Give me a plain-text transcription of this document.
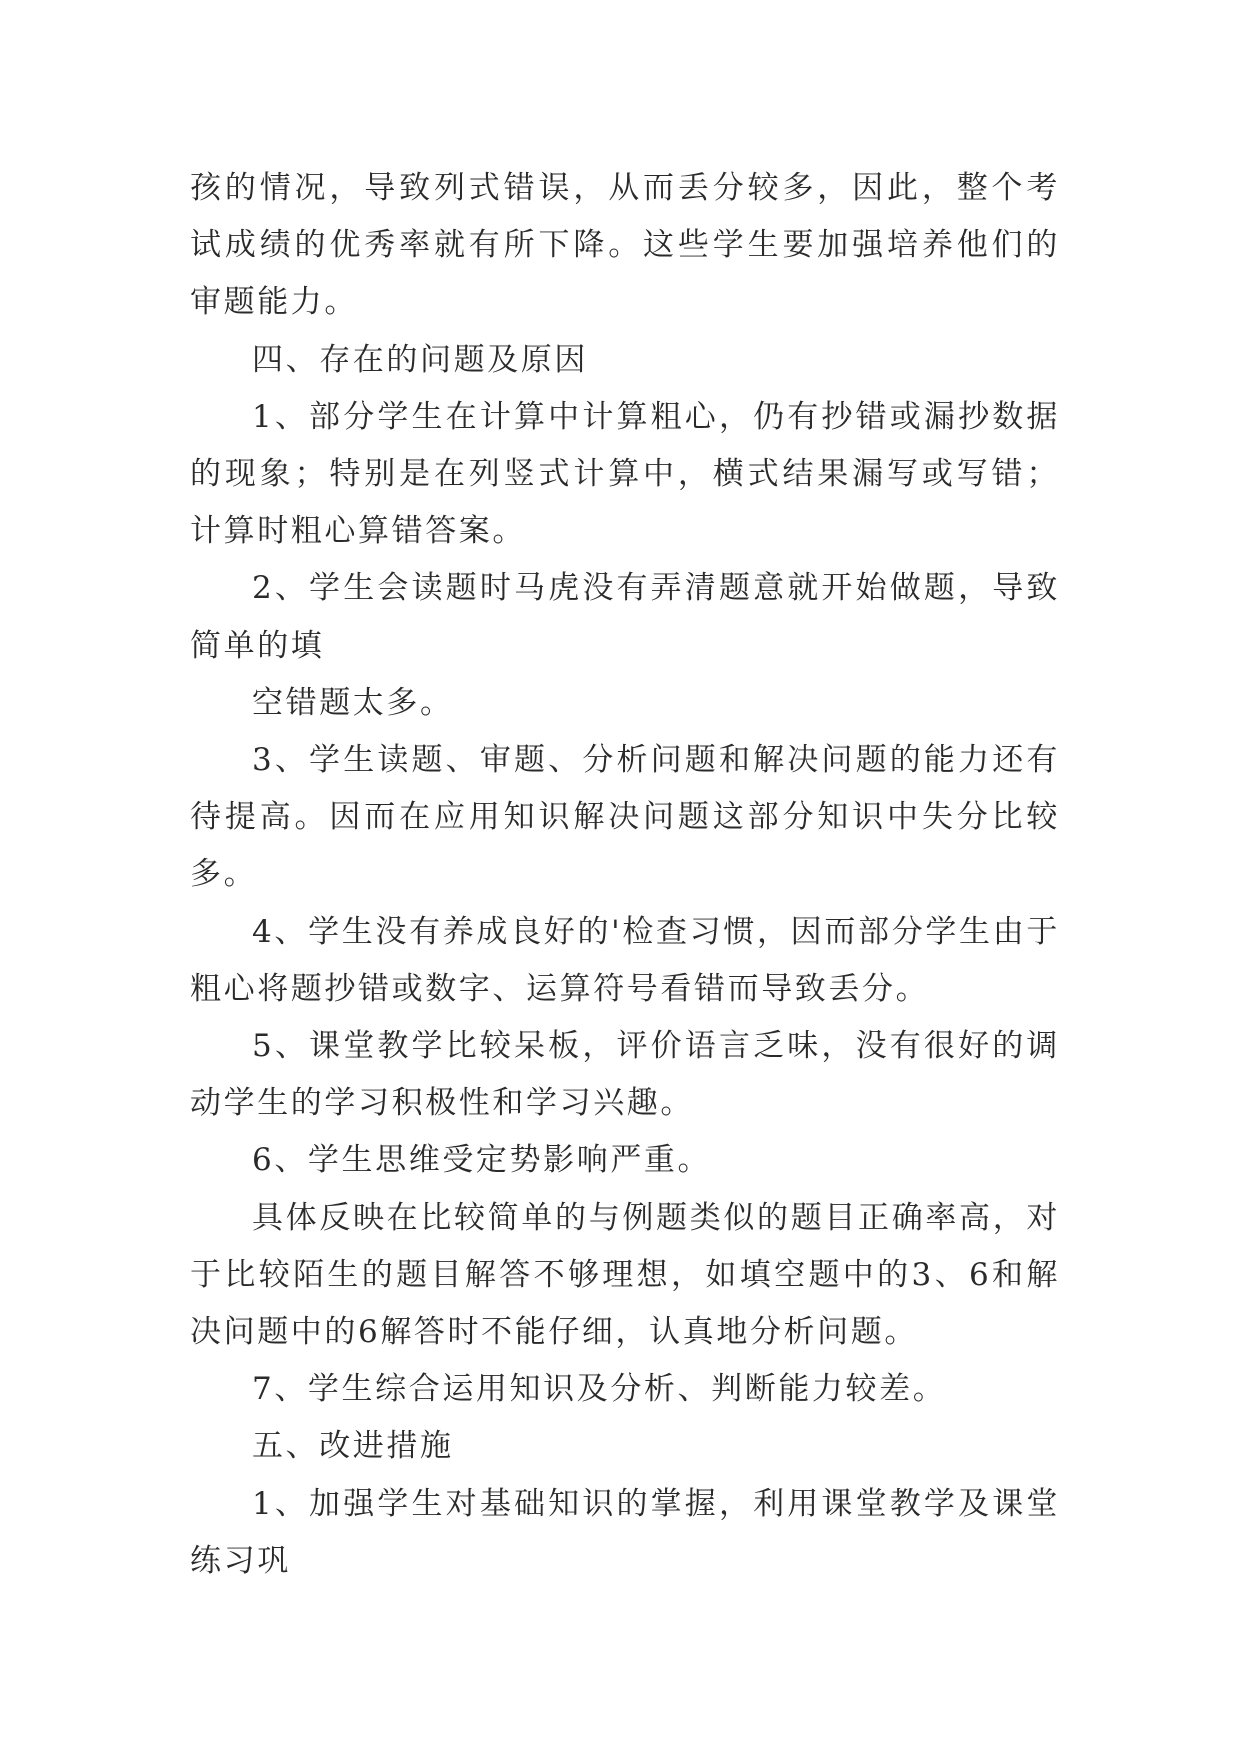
孩的情况，导致列式错误，从而丢分较多，因此，整个考试成绩的优秀率就有所下降。这些学生要加强培养他们的审题能力。

四、存在的问题及原因

1、部分学生在计算中计算粗心，仍有抄错或漏抄数据的现象；特别是在列竖式计算中，横式结果漏写或写错；计算时粗心算错答案。

2、学生会读题时马虎没有弄清题意就开始做题，导致简单的填

空错题太多。

3、学生读题、审题、分析问题和解决问题的能力还有待提高。因而在应用知识解决问题这部分知识中失分比较多。

4、学生没有养成良好的'检查习惯，因而部分学生由于粗心将题抄错或数字、运算符号看错而导致丢分。

5、课堂教学比较呆板，评价语言乏味，没有很好的调动学生的学习积极性和学习兴趣。

6、学生思维受定势影响严重。

具体反映在比较简单的与例题类似的题目正确率高，对于比较陌生的题目解答不够理想，如填空题中的3、6和解决问题中的6解答时不能仔细，认真地分析问题。

7、学生综合运用知识及分析、判断能力较差。

五、改进措施

1、加强学生对基础知识的掌握，利用课堂教学及课堂练习巩
